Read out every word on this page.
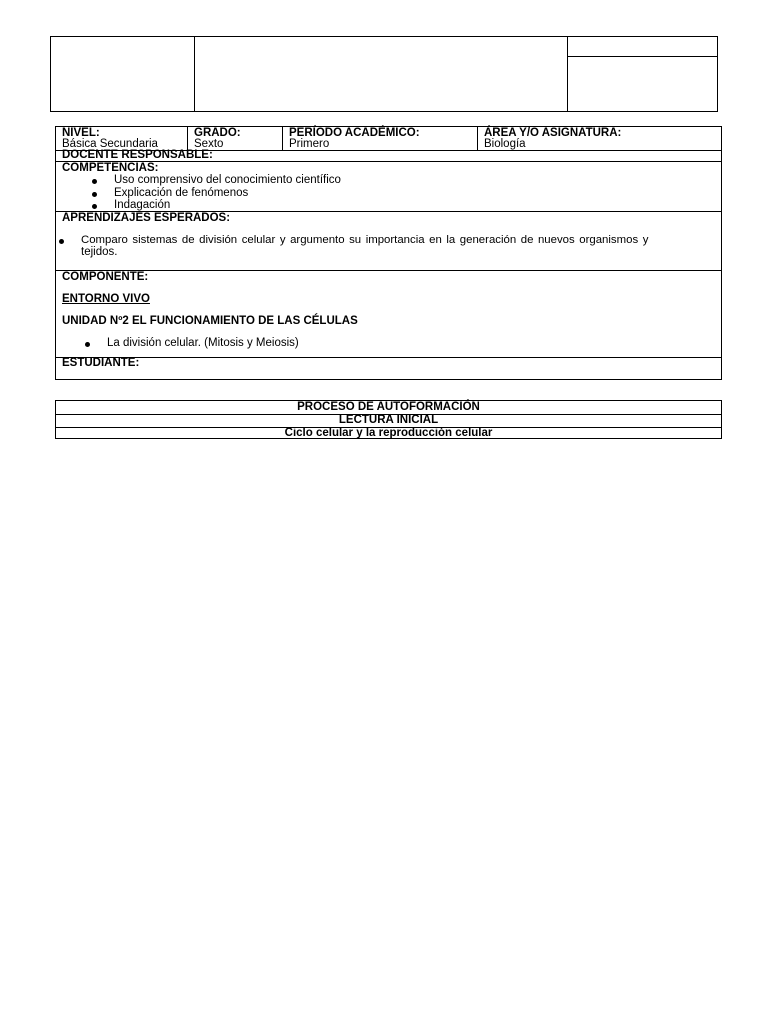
NIVEL:
Básica Secundaria
GRADO:
Sexto
PERÍODO ACADÉMICO:
Primero
ÁREA Y/O ASIGNATURA:
Biología
DOCENTE RESPONSABLE:
COMPETENCIAS:
Uso comprensivo del conocimiento científico
Explicación de fenómenos
Indagación
APRENDIZAJES ESPERADOS:
Comparo sistemas de división celular y argumento su importancia en la generación de nuevos organismos y
tejidos.
COMPONENTE:
ENTORNO VIVO
UNIDAD Nº2 EL FUNCIONAMIENTO DE LAS CÉLULAS
La división celular. (Mitosis y Meiosis)
ESTUDIANTE:
PROCESO DE AUTOFORMACIÓN
LECTURA INICIAL
Ciclo celular y la reproducción celular
